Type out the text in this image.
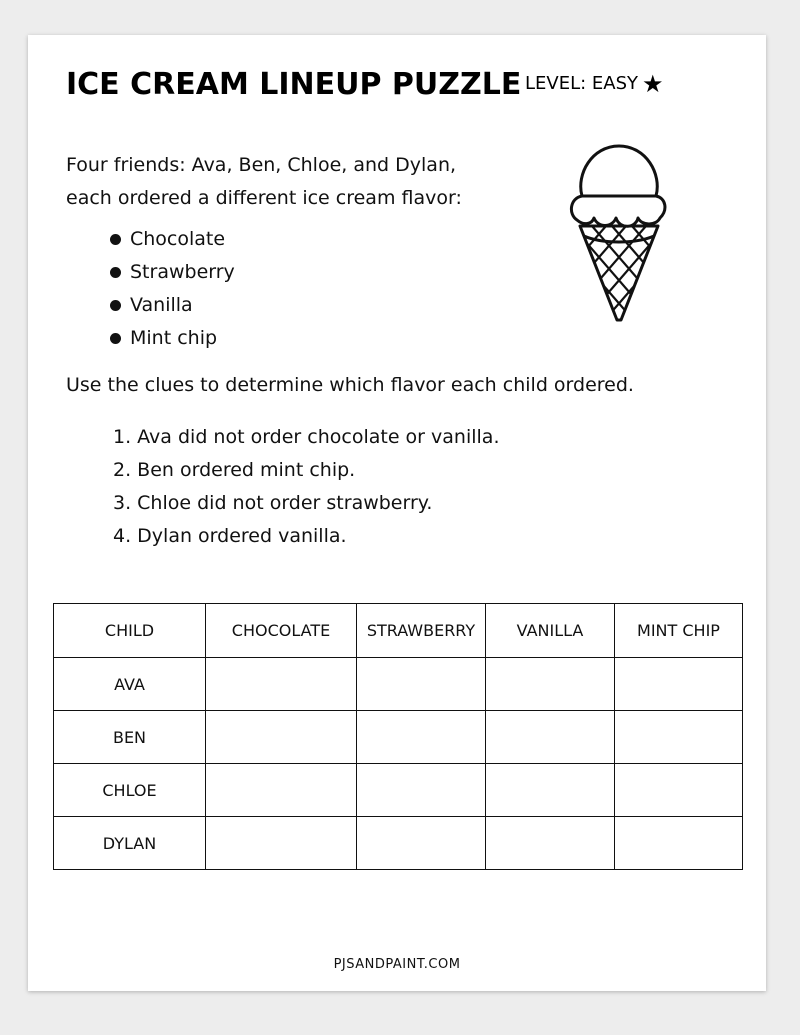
ICE CREAM LINEUP PUZZLE LEVEL: EASY ★
Four friends: Ava, Ben, Chloe, and Dylan,
each ordered a different ice cream flavor:
Chocolate
Strawberry
Vanilla
Mint chip
Use the clues to determine which flavor each child ordered.
1. Ava did not order chocolate or vanilla.
2. Ben ordered mint chip.
3. Chloe did not order strawberry.
4. Dylan ordered vanilla.
CHILD	CHOCOLATE	STRAWBERRY	VANILLA	MINT CHIP
AVA				
BEN				
CHLOE				
DYLAN				
PJSANDPAINT.COM
